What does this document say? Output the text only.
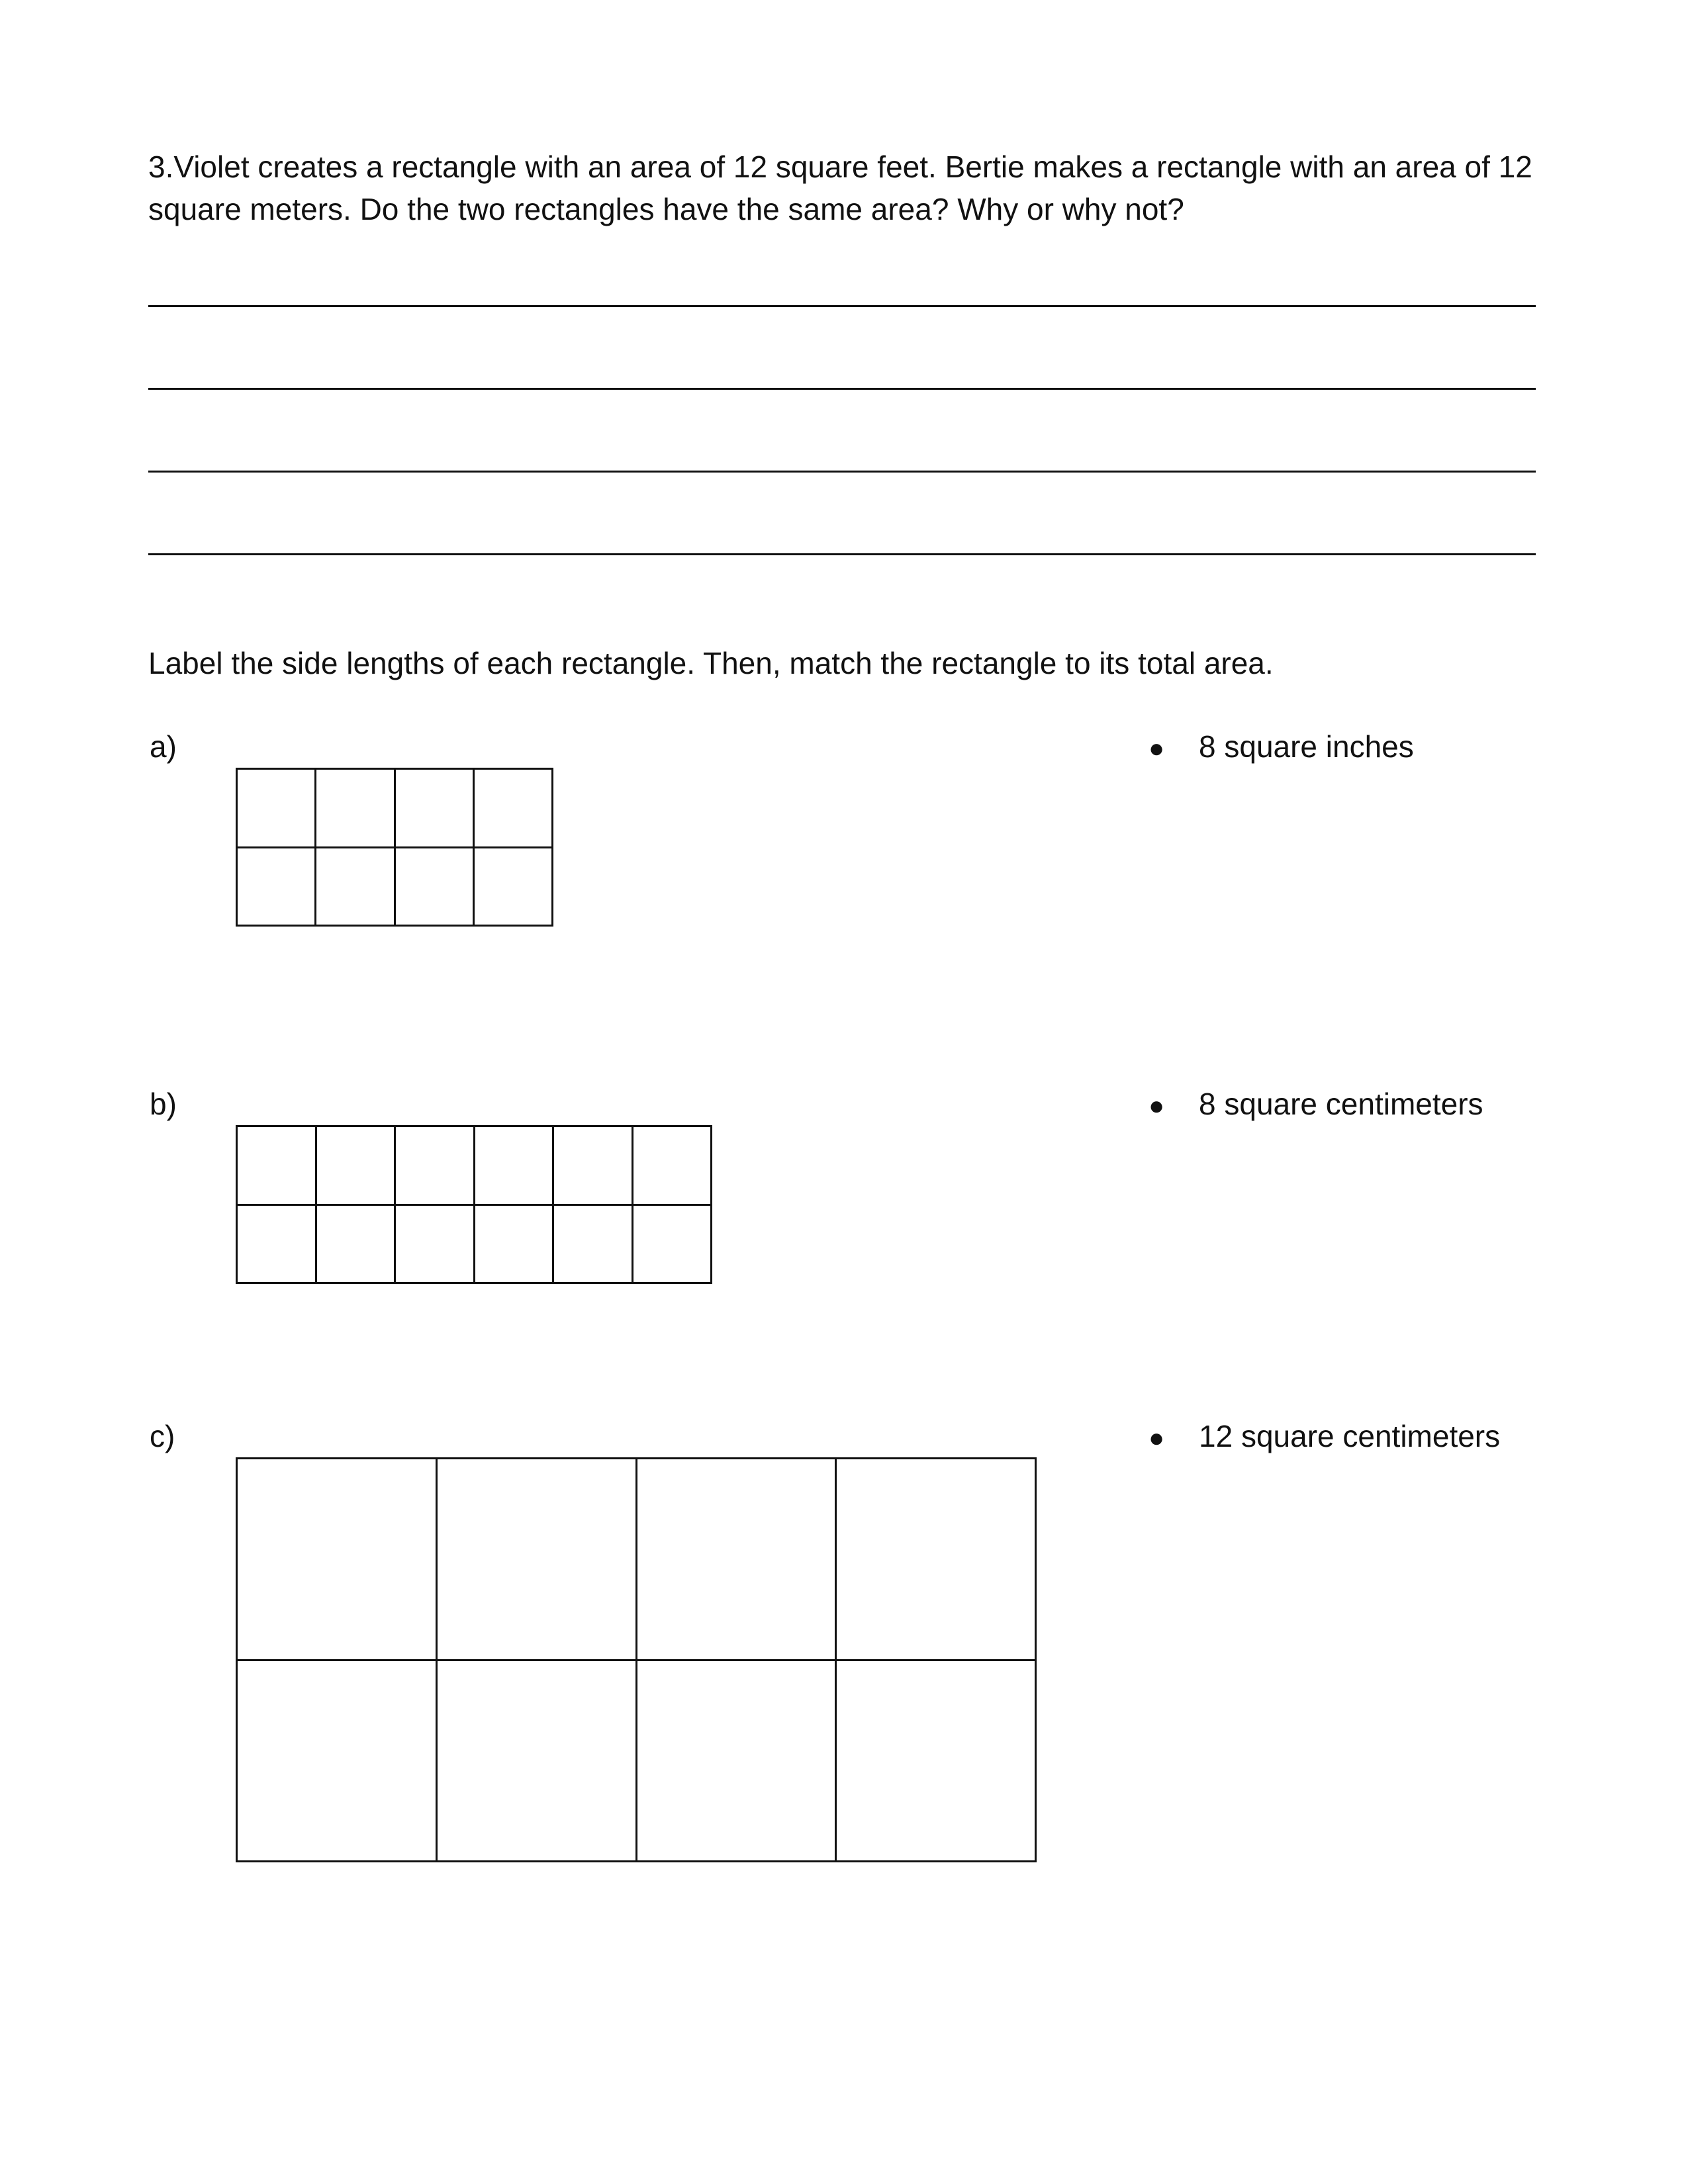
3.Violet creates a rectangle with an area of 12 square feet. Bertie makes a rectangle with an area of 12 square meters. Do the two rectangles have the same area? Why or why not?
Label the side lengths of each rectangle. Then, match the rectangle to its total area.
a)
b)
c)
● 8 square inches
● 8 square centimeters
● 12 square centimeters
